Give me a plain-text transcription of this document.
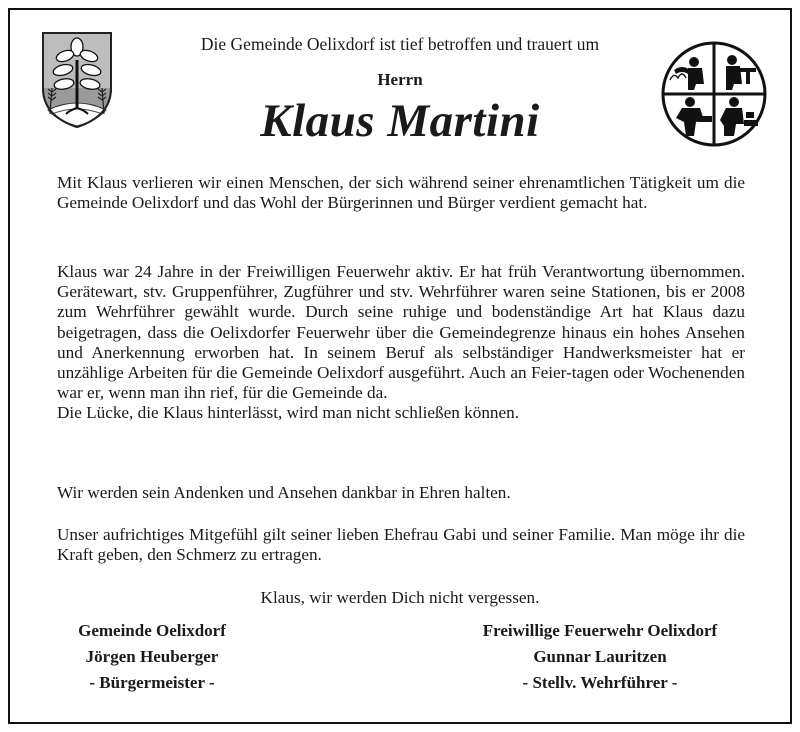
Die Gemeinde Oelixdorf ist tief betroffen und trauert um
Herrn
Klaus Martini
Mit Klaus verlieren wir einen Menschen, der sich während seiner ehrenamtlichen Tätigkeit um die Gemeinde Oelixdorf und das Wohl der Bürgerinnen und Bürger verdient gemacht hat.
Klaus war 24 Jahre in der Freiwilligen Feuerwehr aktiv. Er hat früh Verantwortung übernommen. Gerätewart, stv. Gruppenführer, Zugführer und stv. Wehrführer waren seine Stationen, bis er 2008 zum Wehrführer gewählt wurde. Durch seine ruhige und bodenständige Art hat Klaus dazu beigetragen, dass die Oelixdorfer Feuerwehr über die Gemeindegrenze hinaus ein hohes Ansehen und Anerkennung erworben hat. In seinem Beruf als selbständiger Handwerksmeister hat er unzählige Arbeiten für die Gemeinde Oelixdorf ausgeführt. Auch an Feier-tagen oder Wochenenden war er, wenn man ihn rief, für die Gemeinde da.
Die Lücke, die Klaus hinterlässt, wird man nicht schließen können.
Wir werden sein Andenken und Ansehen dankbar in Ehren halten.
Unser aufrichtiges Mitgefühl gilt seiner lieben Ehefrau Gabi und seiner Familie. Man möge ihr die Kraft geben, den Schmerz zu ertragen.
Klaus, wir werden Dich nicht vergessen.
Gemeinde Oelixdorf
Jörgen Heuberger
- Bürgermeister -
Freiwillige Feuerwehr Oelixdorf
Gunnar Lauritzen
- Stellv. Wehrführer -
